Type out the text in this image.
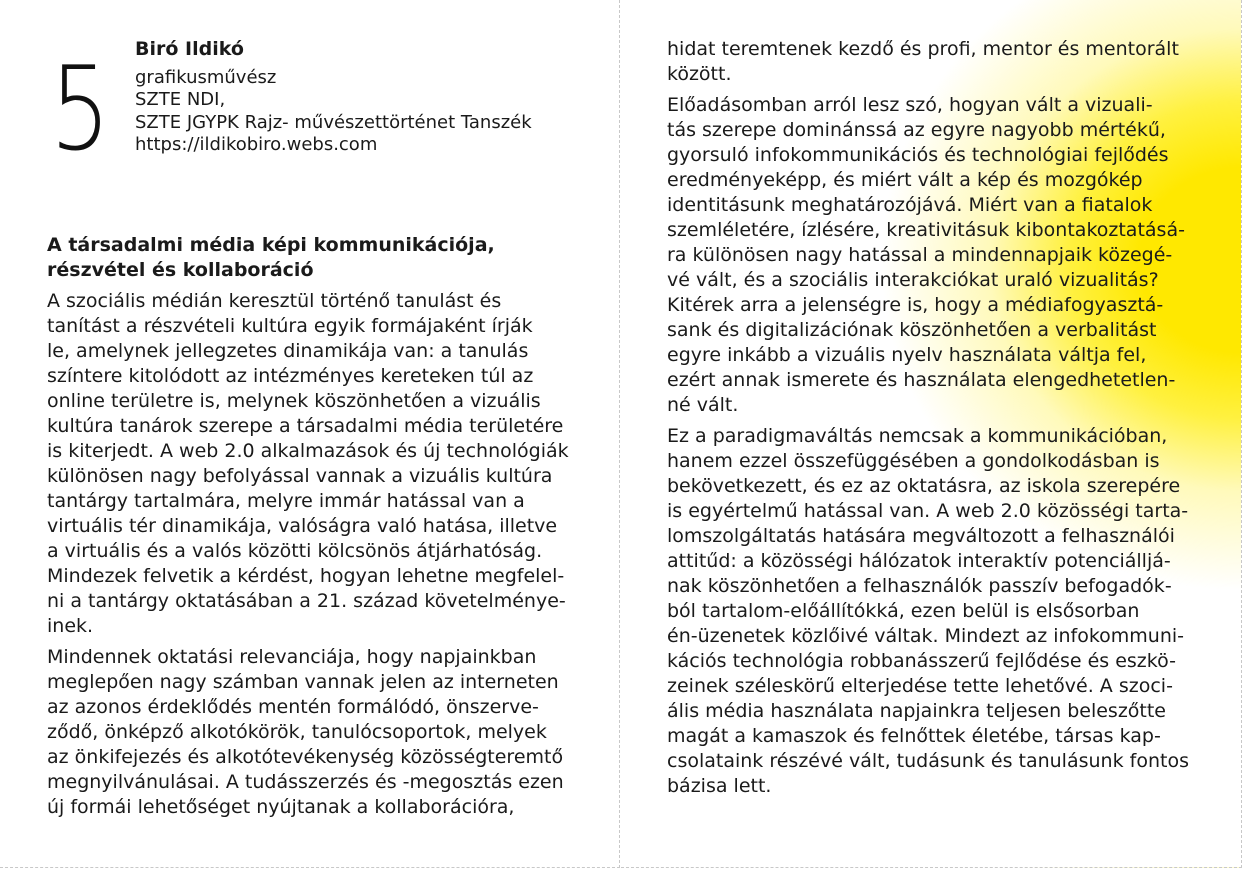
5 Biró Ildikó
grafikusművész
SZTE NDI,
SZTE JGYPK Rajz- művészettörténet Tanszék
https://ildikobiro.webs.com
A társadalmi média képi kommunikációja,
részvétel és kollaboráció
A szociális médián keresztül történő tanulást és
tanítást a részvételi kultúra egyik formájaként írják
le, amelynek jellegzetes dinamikája van: a tanulás
színtere kitolódott az intézményes kereteken túl az
online területre is, melynek köszönhetően a vizuális
kultúra tanárok szerepe a társadalmi média területére
is kiterjedt. A web 2.0 alkalmazások és új technológiák
különösen nagy befolyással vannak a vizuális kultúra
tantárgy tartalmára, melyre immár hatással van a
virtuális tér dinamikája, valóságra való hatása, illetve
a virtuális és a valós közötti kölcsönös átjárhatóság.
Mindezek felvetik a kérdést, hogyan lehetne megfelel-
ni a tantárgy oktatásában a 21. század követelménye-
inek.
Mindennek oktatási relevanciája, hogy napjainkban
meglepően nagy számban vannak jelen az interneten
az azonos érdeklődés mentén formálódó, önszerve-
ződő, önképző alkotókörök, tanulócsoportok, melyek
az önkifejezés és alkotótevékenység közösségteremtő
megnyilvánulásai. A tudásszerzés és -megosztás ezen
új formái lehetőséget nyújtanak a kollaborációra,
hidat teremtenek kezdő és profi, mentor és mentorált
között.
Előadásomban arról lesz szó, hogyan vált a vizuali-
tás szerepe dominánssá az egyre nagyobb mértékű,
gyorsuló infokommunikációs és technológiai fejlődés
eredményeképp, és miért vált a kép és mozgókép
identitásunk meghatározójává. Miért van a fiatalok
szemléletére, ízlésére, kreativitásuk kibontakoztatásá-
ra különösen nagy hatással a mindennapjaik közegé-
vé vált, és a szociális interakciókat uraló vizualitás?
Kitérek arra a jelenségre is, hogy a médiafogyasztá-
sank és digitalizációnak köszönhetően a verbalitást
egyre inkább a vizuális nyelv használata váltja fel,
ezért annak ismerete és használata elengedhetetlen-
né vált.
Ez a paradigmaváltás nemcsak a kommunikációban,
hanem ezzel összefüggésében a gondolkodásban is
bekövetkezett, és ez az oktatásra, az iskola szerepére
is egyértelmű hatással van. A web 2.0 közösségi tarta-
lomszolgáltatás hatására megváltozott a felhasználói
attitűd: a közösségi hálózatok interaktív potenciálljá-
nak köszönhetően a felhasználók passzív befogadók-
ból tartalom-előállítókká, ezen belül is elsősorban
én-üzenetek közlőivé váltak. Mindezt az infokommuni-
kációs technológia robbanásszerű fejlődése és eszkö-
zeinek széleskörű elterjedése tette lehetővé. A szoci-
ális média használata napjainkra teljesen beleszőtte
magát a kamaszok és felnőttek életébe, társas kap-
csolataink részévé vált, tudásunk és tanulásunk fontos
bázisa lett.
